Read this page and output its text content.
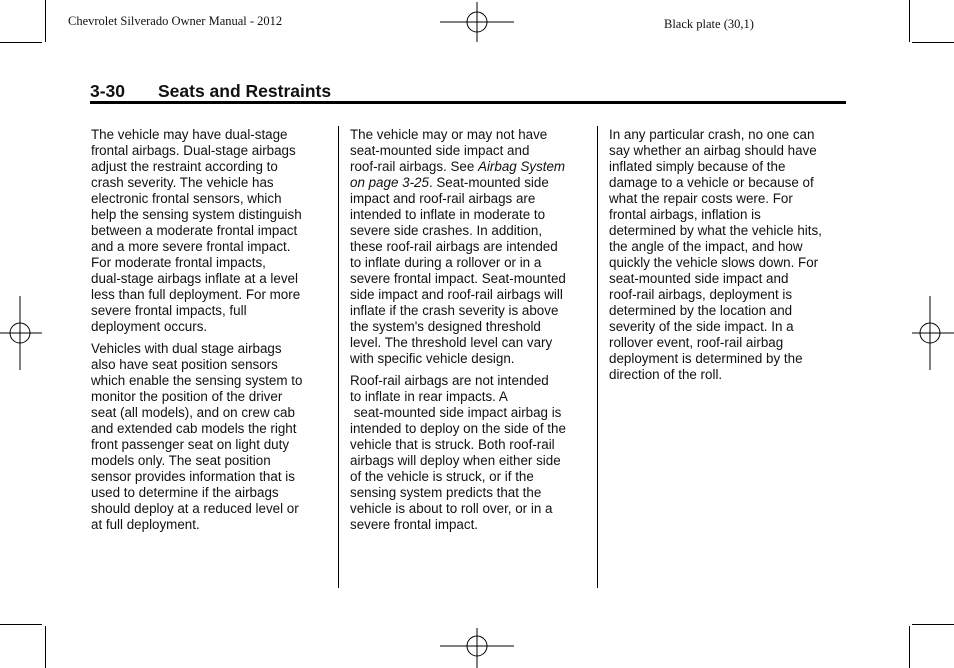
Chevrolet Silverado Owner Manual - 2012	Black plate (30,1)
3-30 Seats and Restraints

The vehicle may have dual-stage
frontal airbags. Dual-stage airbags
adjust the restraint according to
crash severity. The vehicle has
electronic frontal sensors, which
help the sensing system distinguish
between a moderate frontal impact
and a more severe frontal impact.
For moderate frontal impacts,
dual-stage airbags inflate at a level
less than full deployment. For more
severe frontal impacts, full
deployment occurs.

Vehicles with dual stage airbags
also have seat position sensors
which enable the sensing system to
monitor the position of the driver
seat (all models), and on crew cab
and extended cab models the right
front passenger seat on light duty
models only. The seat position
sensor provides information that is
used to determine if the airbags
should deploy at a reduced level or
at full deployment.

The vehicle may or may not have
seat-mounted side impact and
roof-rail airbags. See Airbag System
on page 3-25. Seat-mounted side
impact and roof-rail airbags are
intended to inflate in moderate to
severe side crashes. In addition,
these roof-rail airbags are intended
to inflate during a rollover or in a
severe frontal impact. Seat-mounted
side impact and roof-rail airbags will
inflate if the crash severity is above
the system's designed threshold
level. The threshold level can vary
with specific vehicle design.

Roof-rail airbags are not intended
to inflate in rear impacts. A
seat-mounted side impact airbag is
intended to deploy on the side of the
vehicle that is struck. Both roof-rail
airbags will deploy when either side
of the vehicle is struck, or if the
sensing system predicts that the
vehicle is about to roll over, or in a
severe frontal impact.

In any particular crash, no one can
say whether an airbag should have
inflated simply because of the
damage to a vehicle or because of
what the repair costs were. For
frontal airbags, inflation is
determined by what the vehicle hits,
the angle of the impact, and how
quickly the vehicle slows down. For
seat-mounted side impact and
roof-rail airbags, deployment is
determined by the location and
severity of the side impact. In a
rollover event, roof-rail airbag
deployment is determined by the
direction of the roll.
